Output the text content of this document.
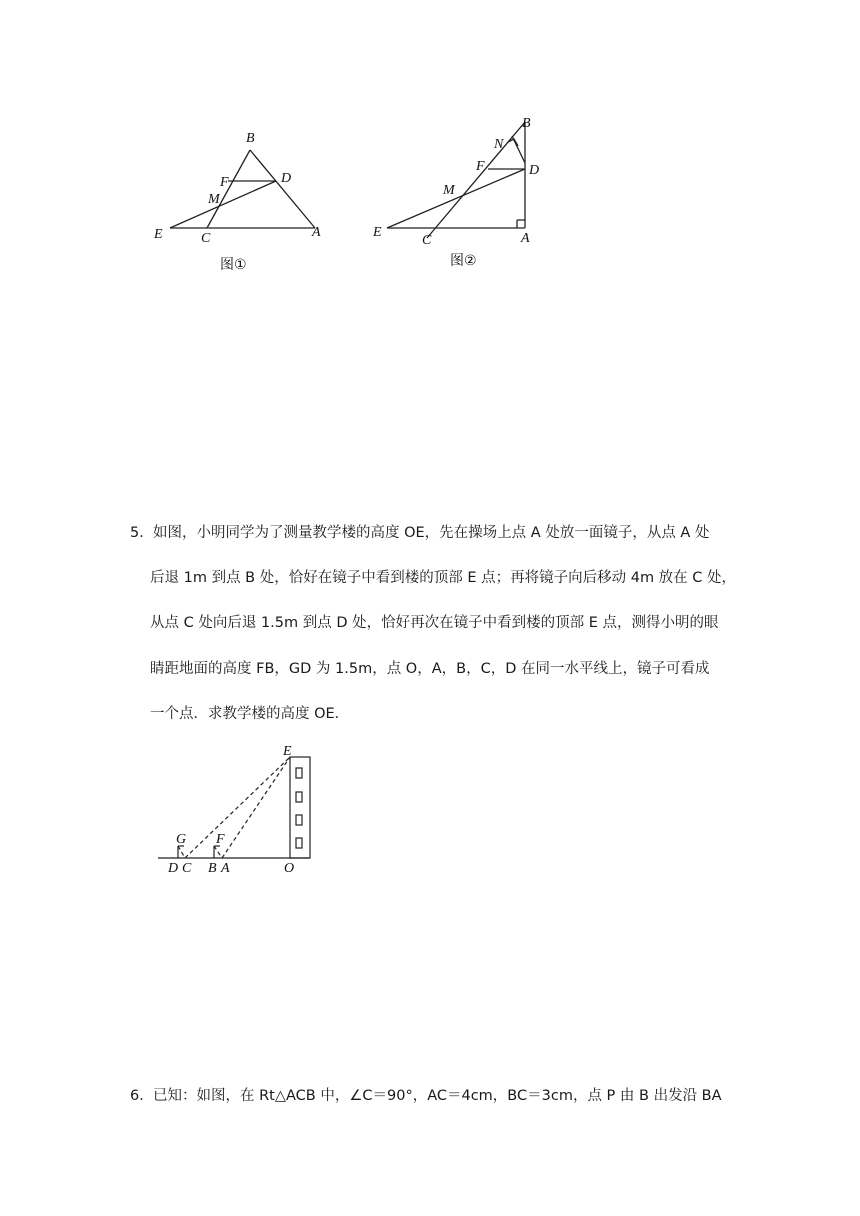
B
D
F
M
E	C	A
图①
B
N
F	D
M
E
C	A
图②
5． 如图，小明同学为了测量教学楼的高度 OE，先在操场上点 A 处放一面镜子，从点 A 处
后退 1m 到点 B 处，恰好在镜子中看到楼的顶部 E 点；再将镜子向后移动 4m 放在 C 处，
从点 C 处向后退 1.5m 到点 D 处，恰好再次在镜子中看到楼的顶部 E 点，测得小明的眼
睛距地面的高度 FB，GD 为 1.5m，点 O，A，B，C，D 在同一水平线上，镜子可看成
一个点．求教学楼的高度 OE．
E
G F
D C B A	O
6． 已知：如图，在 Rt△ACB 中，∠C＝90°，AC＝4cm，BC＝3cm，点 P 由 B 出发沿 BA
